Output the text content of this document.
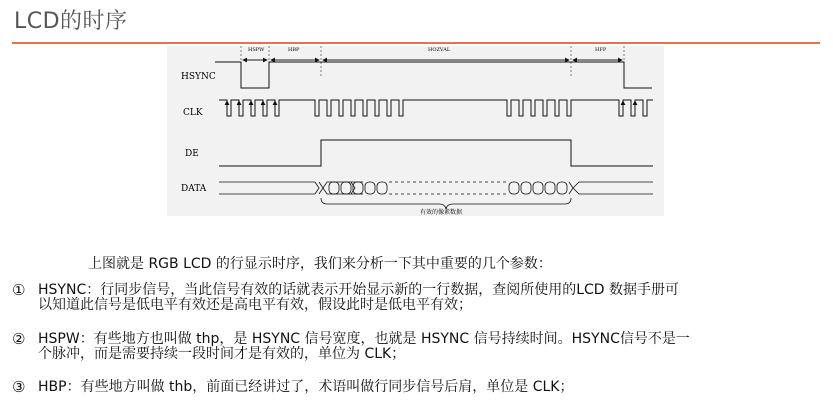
LCD的时序
HSYNC
CLK
DE
DATA
HSPW	HBP	HOZVAL	HFP
有效的像素数据
上图就是 RGB LCD 的行显示时序，我们来分析一下其中重要的几个参数：
① HSYNC：行同步信号，当此信号有效的话就表示开始显示新的一行数据，查阅所使用的LCD 数据手册可
以知道此信号是低电平有效还是高电平有效，假设此时是低电平有效；
② HSPW：有些地方也叫做 thp，是 HSYNC 信号宽度，也就是 HSYNC 信号持续时间。HSYNC信号不是一
个脉冲，而是需要持续一段时间才是有效的，单位为 CLK；
③ HBP：有些地方叫做 thb，前面已经讲过了，术语叫做行同步信号后肩，单位是 CLK；
